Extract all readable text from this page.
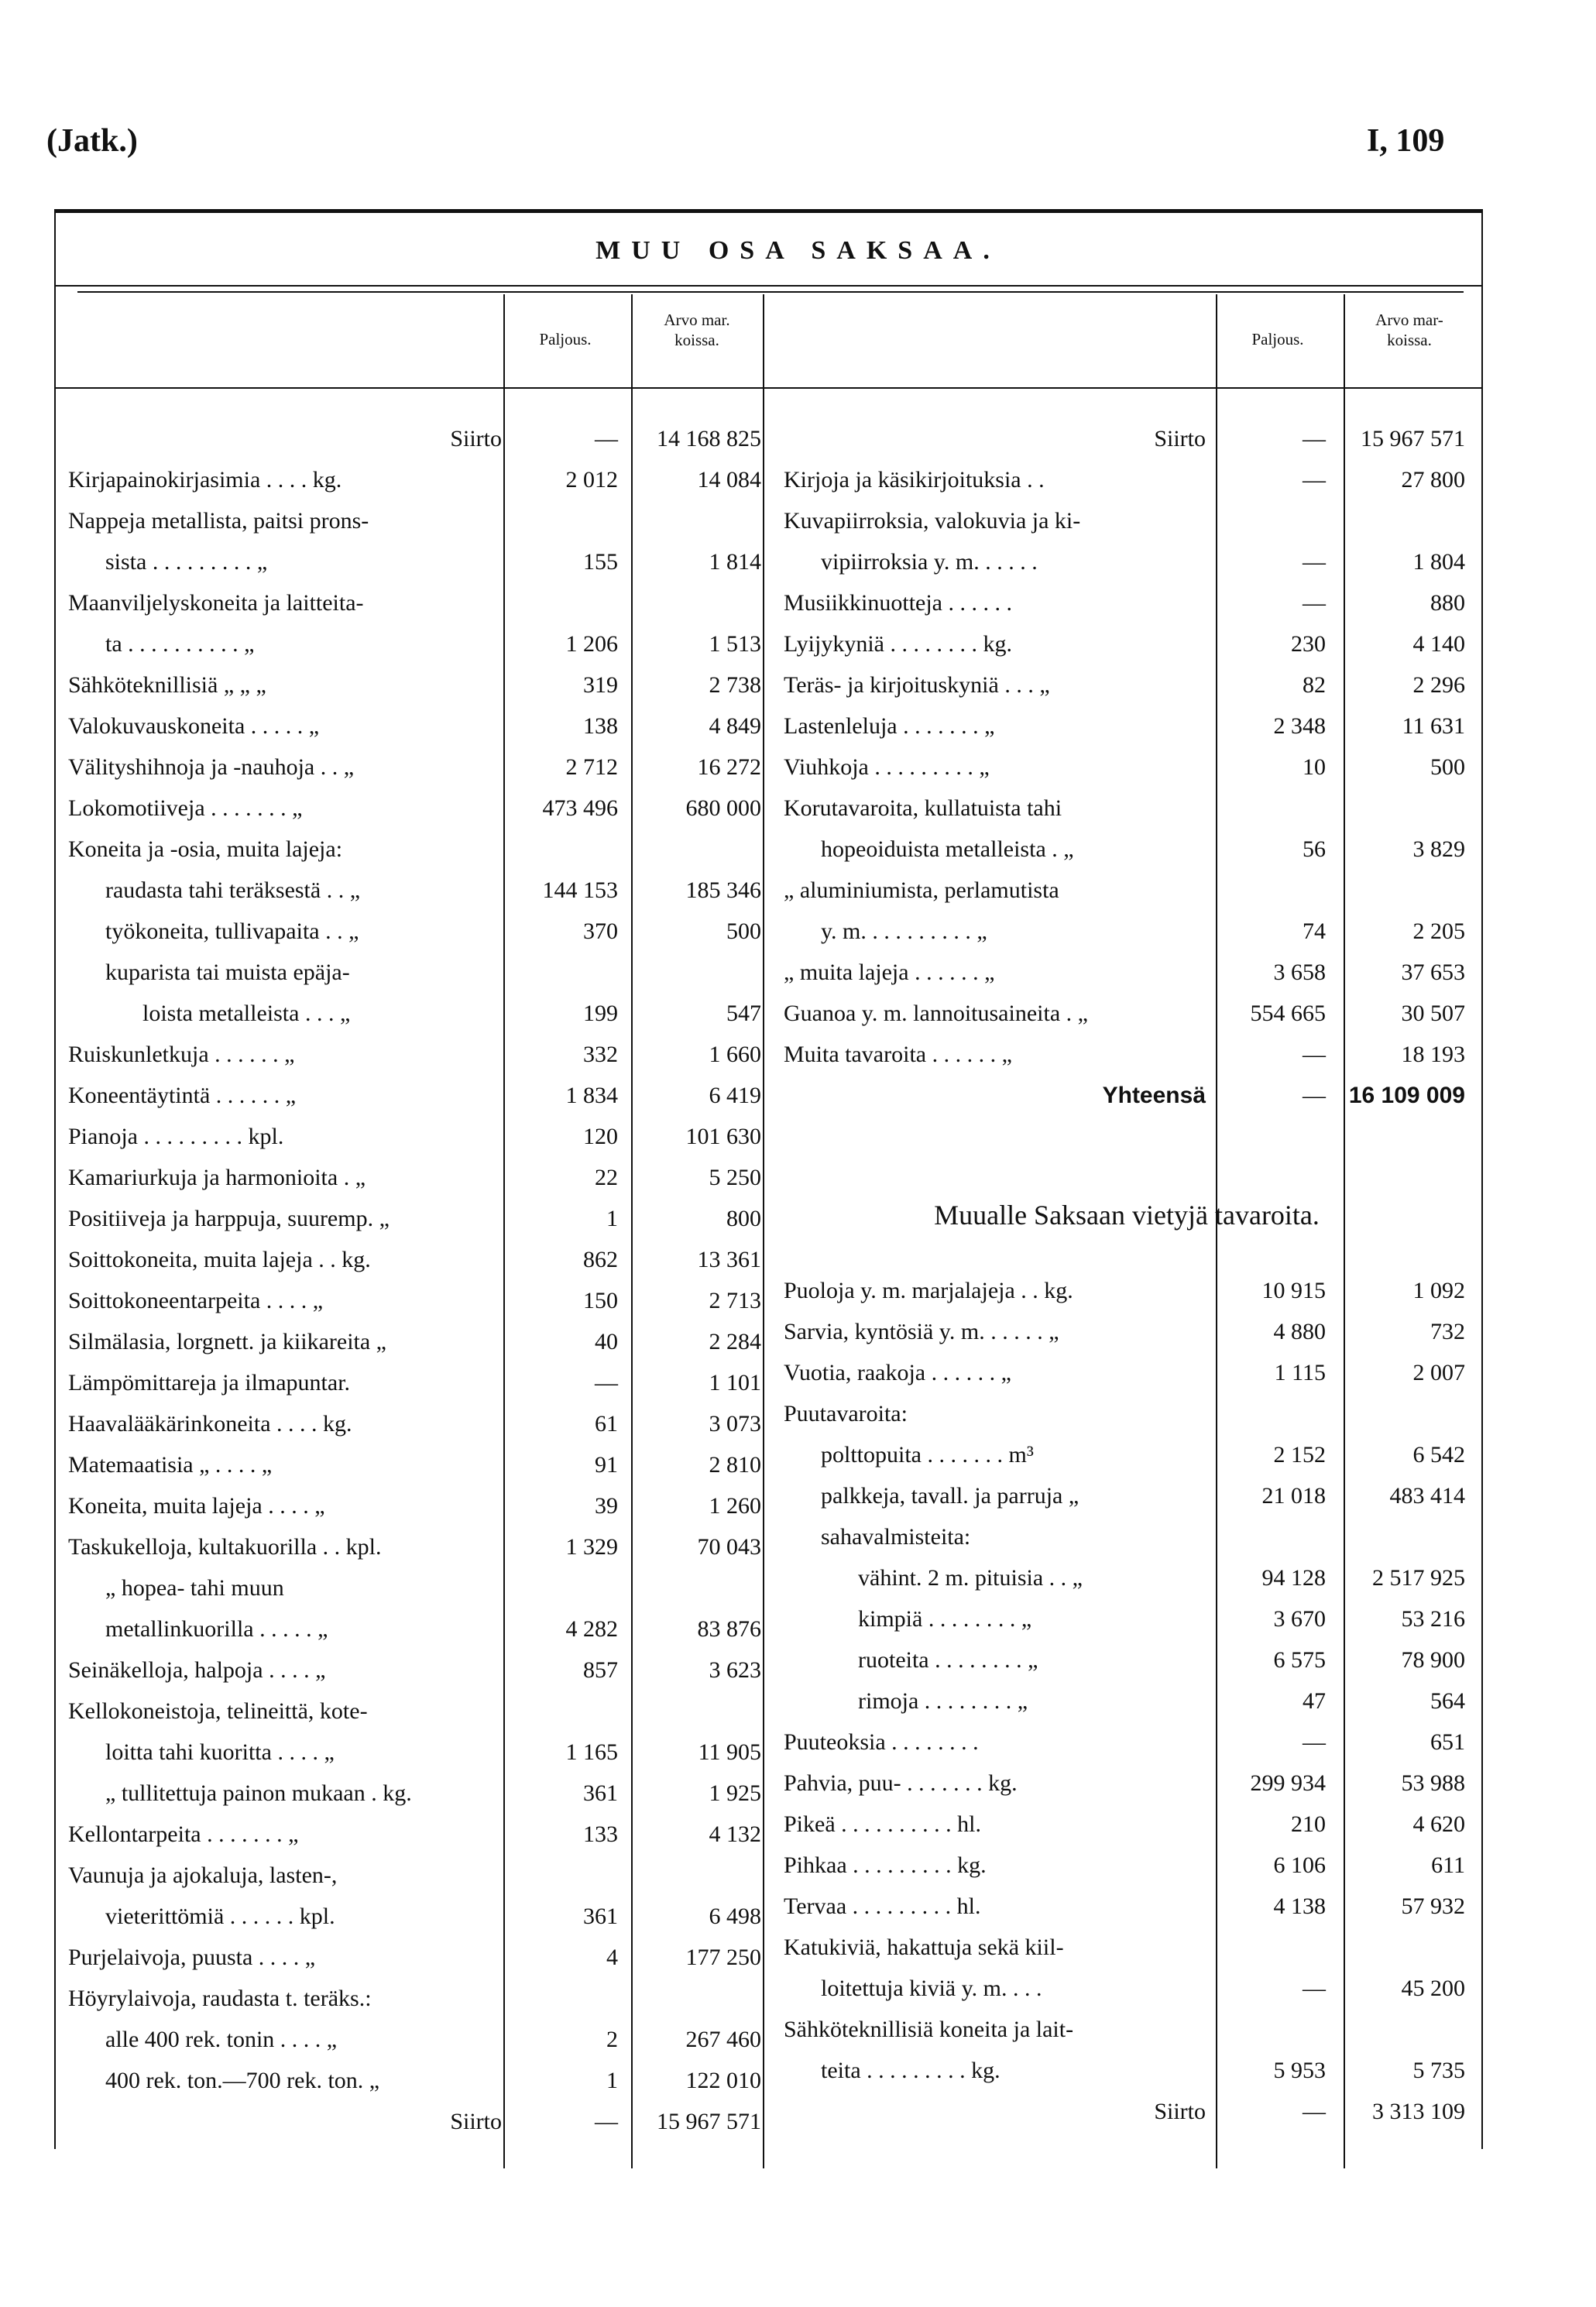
(Jatk.)	I, 109
MUU OSA SAKSAA.
Paljous.
Arvo mar.
koissa.	Paljous.
Arvo mar-
koissa.
Siirto	—	14 168 825
Kirjapainokirjasimia . . . . kg.	2 012	14 084
Nappeja metallista, paitsi prons-
sista . . . . . . . . . „	155	1 814
Maanviljelyskoneita ja laitteita-
ta . . . . . . . . . . „	1 206	1 513
Sähköteknillisiä „ „ „	319	2 738
Valokuvauskoneita . . . . . „	138	4 849
Välityshihnoja ja -nauhoja . . „	2 712	16 272
Lokomotiiveja . . . . . . . „	473 496	680 000
Koneita ja -osia, muita lajeja:
raudasta tahi teräksestä . . „	144 153	185 346
työkoneita, tullivapaita . . „	370	500
kuparista tai muista epäja-
loista metalleista . . . „	199	547
Ruiskunletkuja . . . . . . „	332	1 660
Koneentäytintä . . . . . . „	1 834	6 419
Pianoja . . . . . . . . . kpl.	120	101 630
Kamariurkuja ja harmonioita . „	22	5 250
Positiiveja ja harppuja, suuremp. „	1	800
Soittokoneita, muita lajeja . . kg.	862	13 361
Soittokoneentarpeita . . . . „	150	2 713
Silmälasia, lorgnett. ja kiikareita „	40	2 284
Lämpömittareja ja ilmapuntar.	—	1 101
Haavalääkärinkoneita . . . . kg.	61	3 073
Matemaatisia „ . . . . „	91	2 810
Koneita, muita lajeja . . . . „	39	1 260
Taskukelloja, kultakuorilla . . kpl.	1 329	70 043
„ hopea- tahi muun
metallinkuorilla . . . . . „	4 282	83 876
Seinäkelloja, halpoja . . . . „	857	3 623
Kellokoneistoja, telineittä, kote-
loitta tahi kuoritta . . . . „	1 165	11 905
„ tullitettuja painon mukaan . kg.	361	1 925
Kellontarpeita . . . . . . . „	133	4 132
Vaunuja ja ajokaluja, lasten-,
vieterittömiä . . . . . . kpl.	361	6 498
Purjelaivoja, puusta . . . . „	4	177 250
Höyrylaivoja, raudasta t. teräks.:
alle 400 rek. tonin . . . . „	2	267 460
400 rek. ton.—700 rek. ton. „	1	122 010
Siirto	—	15 967 571
Siirto	—	15 967 571
Kirjoja ja käsikirjoituksia . .	—	27 800
Kuvapiirroksia, valokuvia ja ki-
vipiirroksia y. m. . . . . .	—	1 804
Musiikkinuotteja . . . . . .	—	880
Lyijykyniä . . . . . . . . kg.	230	4 140
Teräs- ja kirjoituskyniä . . . „	82	2 296
Lastenleluja . . . . . . . „	2 348	11 631
Viuhkoja . . . . . . . . . „	10	500
Korutavaroita, kullatuista tahi
hopeoiduista metalleista . „	56	3 829
„ aluminiumista, perlamutista
y. m. . . . . . . . . . „	74	2 205
„ muita lajeja . . . . . . „	3 658	37 653
Guanoa y. m. lannoitusaineita . „	554 665	30 507
Muita tavaroita . . . . . . „	—	18 193
Yhteensä	— 16 109 009
Muualle Saksaan vietyjä tavaroita.
Puoloja y. m. marjalajeja . . kg.	10 915	1 092
Sarvia, kyntösiä y. m. . . . . . „	4 880	732
Vuotia, raakoja . . . . . . „	1 115	2 007
Puutavaroita:
polttopuita . . . . . . . m³	2 152	6 542
palkkeja, tavall. ja parruja „	21 018	483 414
sahavalmisteita:
vähint. 2 m. pituisia . . „	94 128	2 517 925
kimpiä . . . . . . . . „	3 670	53 216
ruoteita . . . . . . . . „	6 575	78 900
rimoja . . . . . . . . „	47	564
Puuteoksia . . . . . . . .	—	651
Pahvia, puu- . . . . . . . kg.	299 934	53 988
Pikeä . . . . . . . . . . hl.	210	4 620
Pihkaa . . . . . . . . . kg.	6 106	611
Tervaa . . . . . . . . . hl.	4 138	57 932
Katukiviä, hakattuja sekä kiil-
loitettuja kiviä y. m. . . .	—	45 200
Sähköteknillisiä koneita ja lait-
teita . . . . . . . . . kg.	5 953	5 735
Siirto	—	3 313 109
